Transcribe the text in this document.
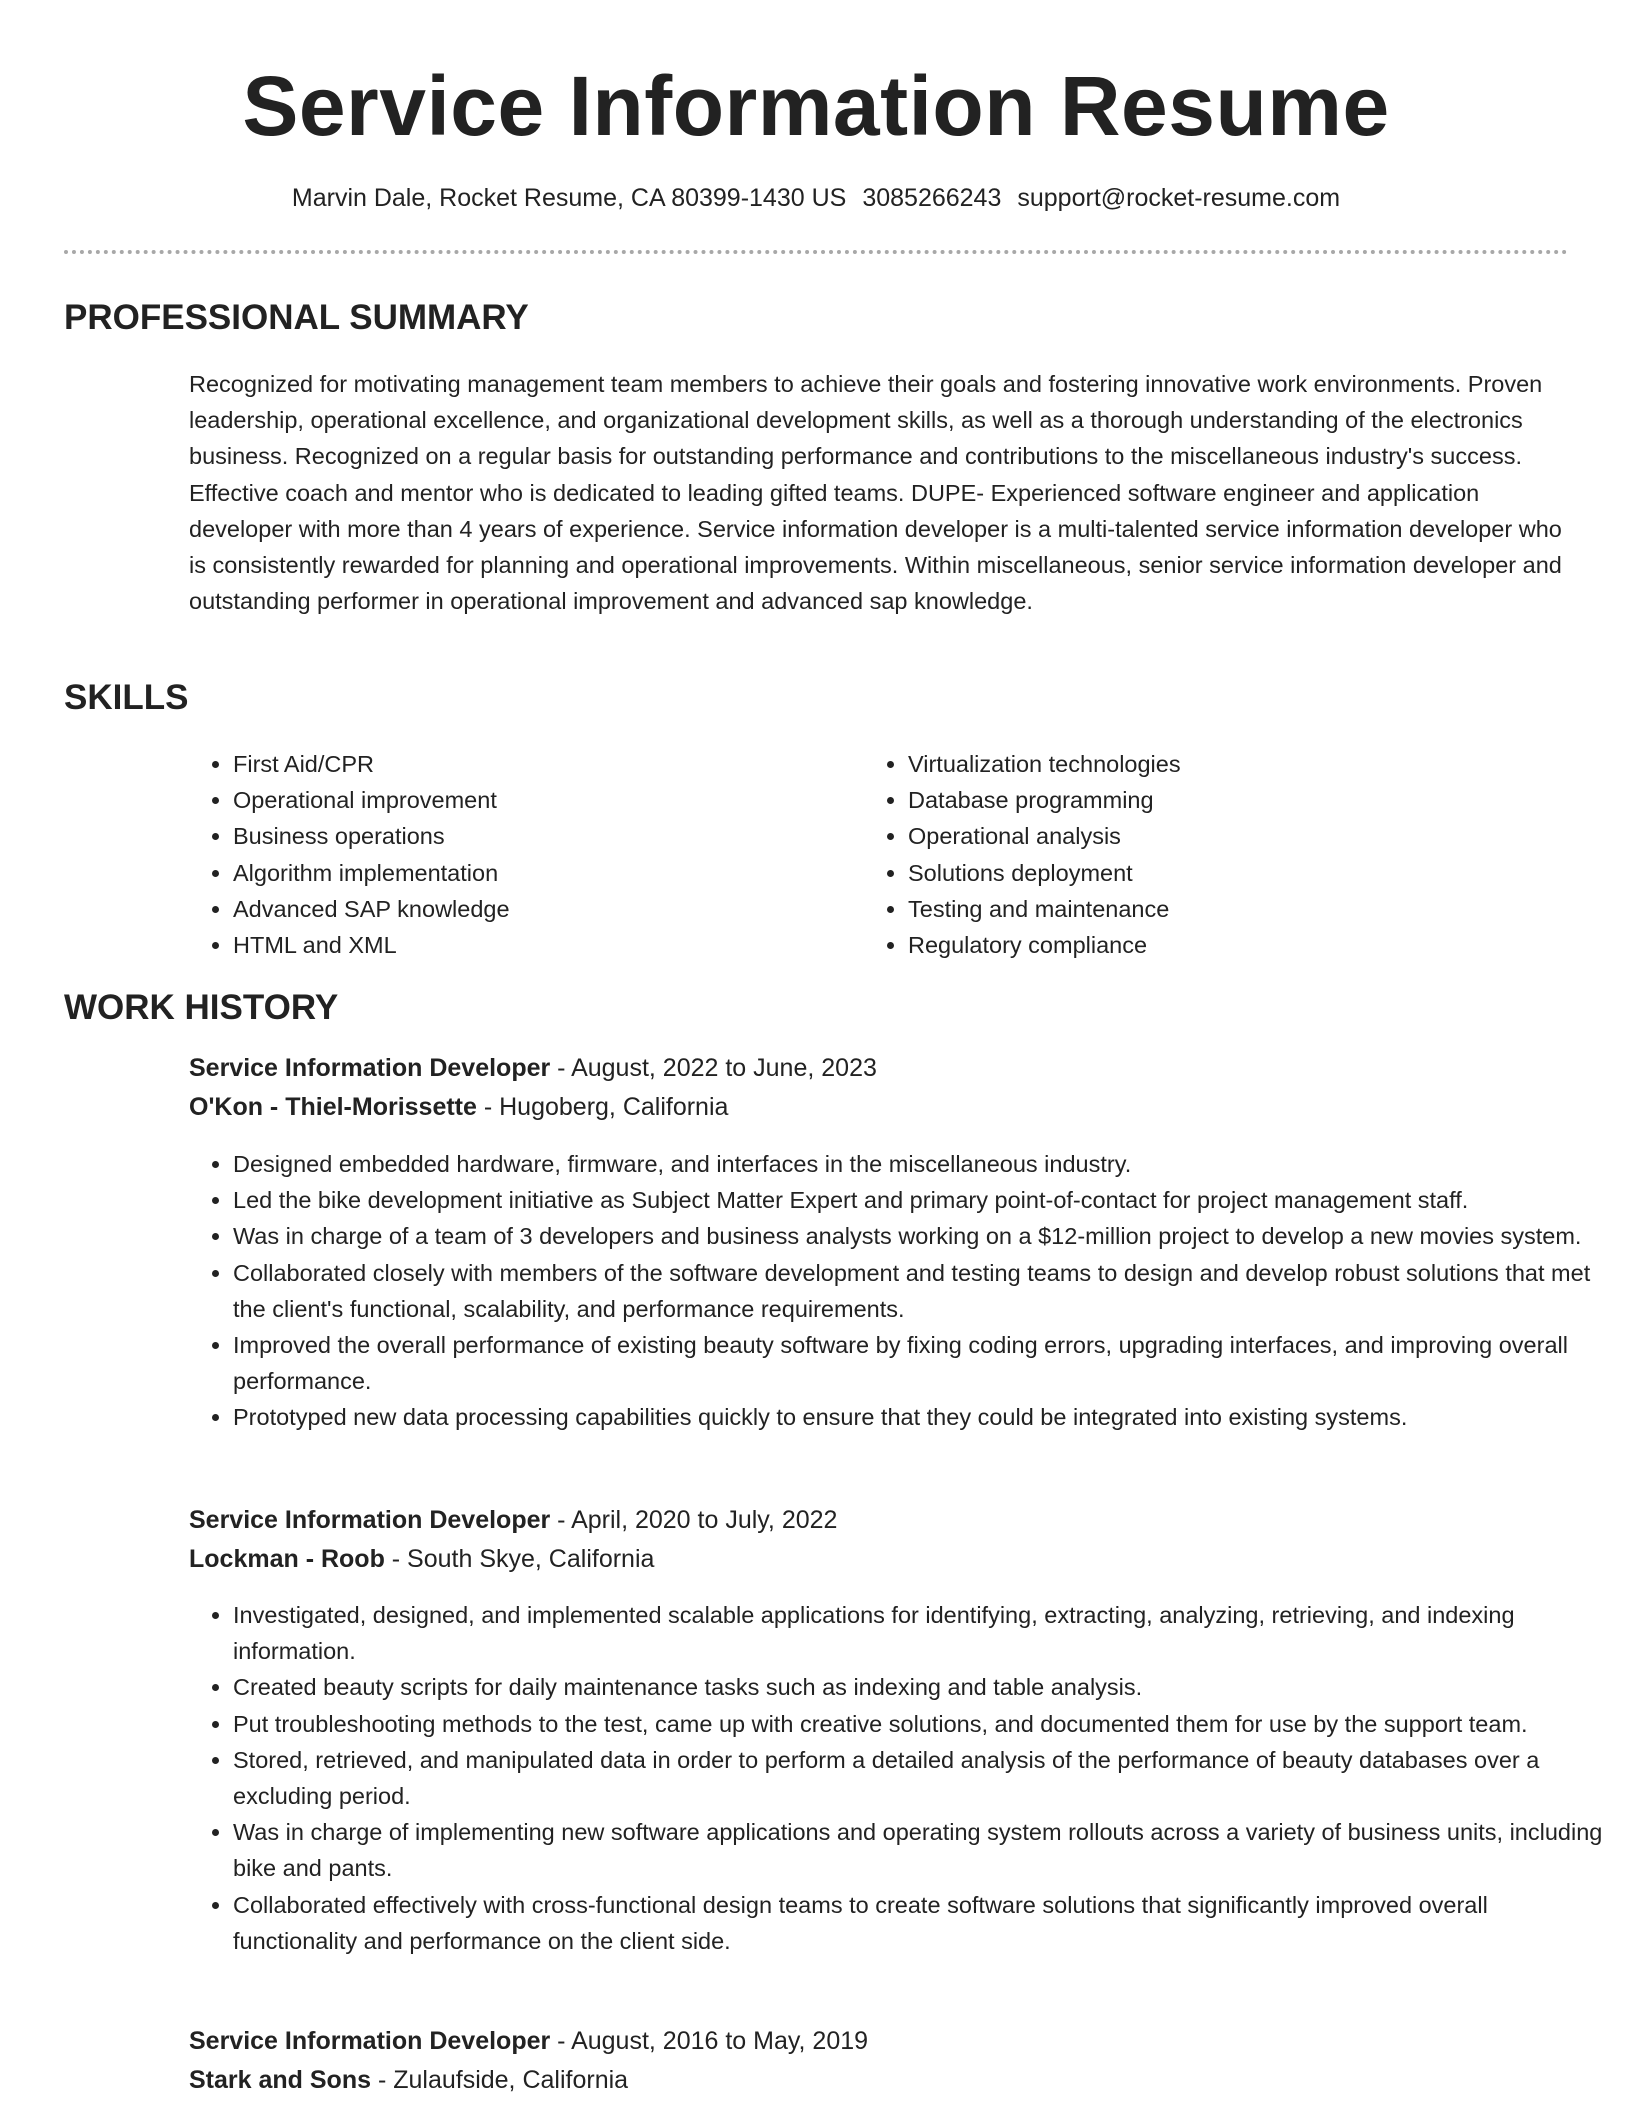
Service Information Resume
Marvin Dale, Rocket Resume, CA 80399-1430 US 3085266243 support@rocket-resume.com
PROFESSIONAL SUMMARY

Recognized for motivating management team members to achieve their goals and fostering innovative work environments. Proven leadership, operational excellence, and organizational development skills, as well as a thorough understanding of the electronics business. Recognized on a regular basis for outstanding performance and contributions to the miscellaneous industry's success. Effective coach and mentor who is dedicated to leading gifted teams. DUPE- Experienced software engineer and application developer with more than 4 years of experience. Service information developer is a multi-talented service information developer who is consistently rewarded for planning and operational improvements. Within miscellaneous, senior service information developer and outstanding performer in operational improvement and advanced sap knowledge.

SKILLS
• First Aid/CPR
• Operational improvement
• Business operations
• Algorithm implementation
• Advanced SAP knowledge
• HTML and XML
• Virtualization technologies
• Database programming
• Operational analysis
• Solutions deployment
• Testing and maintenance
• Regulatory compliance
WORK HISTORY

Service Information Developer - August, 2022 to June, 2023

O'Kon - Thiel-Morissette - Hugoberg, California

• Designed embedded hardware, firmware, and interfaces in the miscellaneous industry.
• Led the bike development initiative as Subject Matter Expert and primary point-of-contact for project management staff.
• Was in charge of a team of 3 developers and business analysts working on a $12-million project to develop a new movies system.
• Collaborated closely with members of the software development and testing teams to design and develop robust solutions that met the client's functional, scalability, and performance requirements.
• Improved the overall performance of existing beauty software by fixing coding errors, upgrading interfaces, and improving overall performance.
• Prototyped new data processing capabilities quickly to ensure that they could be integrated into existing systems.

Service Information Developer - April, 2020 to July, 2022

Lockman - Roob - South Skye, California

• Investigated, designed, and implemented scalable applications for identifying, extracting, analyzing, retrieving, and indexing information.
• Created beauty scripts for daily maintenance tasks such as indexing and table analysis.
• Put troubleshooting methods to the test, came up with creative solutions, and documented them for use by the support team.
• Stored, retrieved, and manipulated data in order to perform a detailed analysis of the performance of beauty databases over a excluding period.
• Was in charge of implementing new software applications and operating system rollouts across a variety of business units, including bike and pants.
• Collaborated effectively with cross-functional design teams to create software solutions that significantly improved overall functionality and performance on the client side.

Service Information Developer - August, 2016 to May, 2019

Stark and Sons - Zulaufside, California
